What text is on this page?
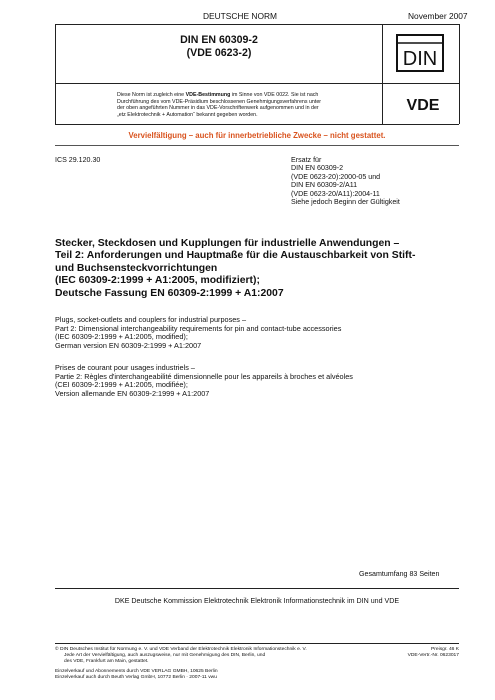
DEUTSCHE NORM	November 2007
DIN EN 60309-2
(VDE 0623-2)	DIN
Diese Norm ist zugleich eine VDE-Bestimmung im Sinne von VDE 0022. Sie ist nach
Durchführung des vom VDE-Präsidium beschlossenen Genehmigungsverfahrens unter
der oben angeführten Nummer in das VDE-Vorschriftenwerk aufgenommen und in der
„etz Elektrotechnik + Automation“ bekannt gegeben worden.
VDE
Vervielfältigung – auch für innerbetriebliche Zwecke – nicht gestattet.
ICS 29.120.30	Ersatz für
DIN EN 60309-2
(VDE 0623-20):2000-05 und
DIN EN 60309-2/A11
(VDE 0623-20/A11):2004-11
Siehe jedoch Beginn der Gültigkeit
Stecker, Steckdosen und Kupplungen für industrielle Anwendungen –
Teil 2: Anforderungen und Hauptmaße für die Austauschbarkeit von Stift-
und Buchsensteckvorrichtungen
(IEC 60309-2:1999 + A1:2005, modifiziert);
Deutsche Fassung EN 60309-2:1999 + A1:2007
Plugs, socket-outlets and couplers for industrial purposes –
Part 2: Dimensional interchangeability requirements for pin and contact-tube accessories
(IEC 60309-2:1999 + A1:2005, modified);
German version EN 60309-2:1999 + A1:2007
Prises de courant pour usages industriels –
Partie 2: Règles d'interchangeabilité dimensionnelle pour les appareils à broches et alvéoles
(CEI 60309-2:1999 + A1:2005, modifiée);
Version allemande EN 60309-2:1999 + A1:2007
Gesamtumfang 83 Seiten
DKE Deutsche Kommission Elektrotechnik Elektronik Informationstechnik im DIN und VDE
© DIN Deutsches Institut für Normung e. V. und VDE Verband der Elektrotechnik Elektronik Informationstechnik e. V.
Jede Art der Vervielfältigung, auch auszugsweise, nur mit Genehmigung des DIN, Berlin, und
des VDE, Frankfurt am Main, gestattet.
Einzelverkauf und Abonnements durch VDE VERLAG GMBH, 10625 Berlin
Einzelverkauf auch durch Beuth Verlag GmbH, 10772 Berlin · 2007-11 vwu
Preisgr. 46 K
VDE-Vertr.-Nr. 0623017
